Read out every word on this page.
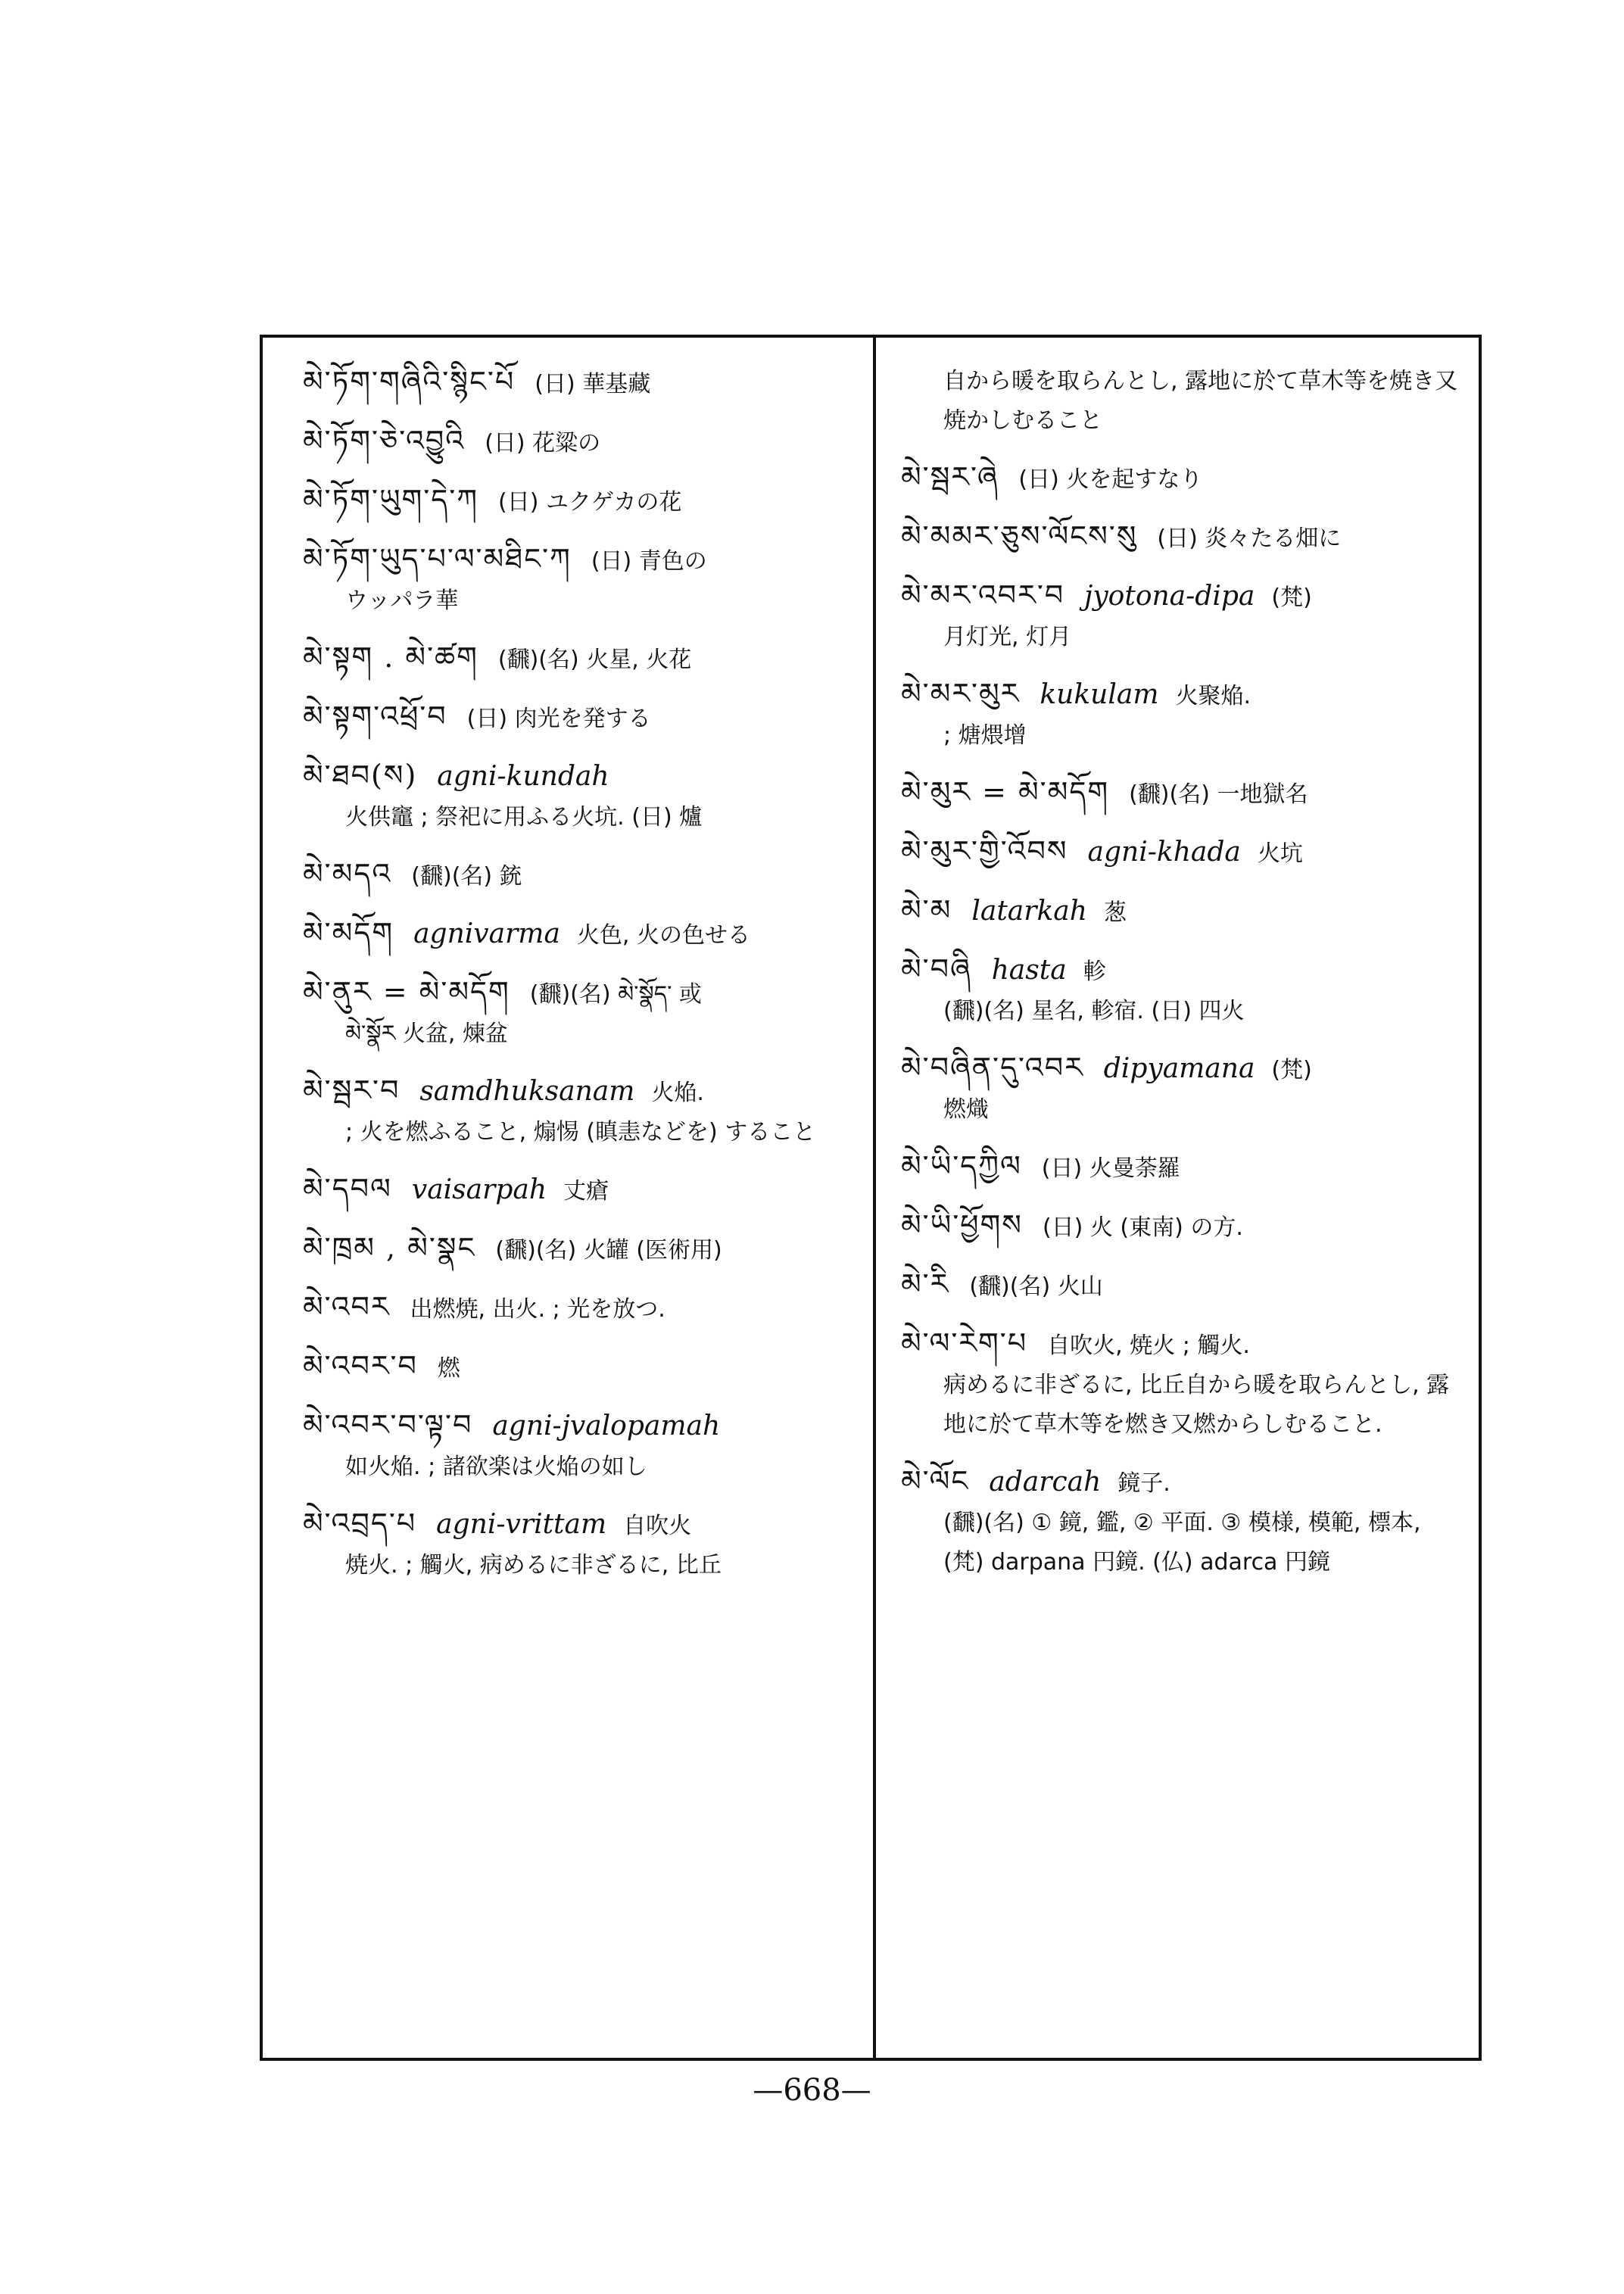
མེ་ཏོག་གཞིའི་སྙིང་པོ (日) 華基藏
མེ་ཏོག་ཅེ་འབྱུའི (日) 花粱の
མེ་ཏོག་ཡུག་དེ་ཀ (日) ユクゲカの花
མེ་ཏོག་ཡུད་པ་ལ་མཐིང་ཀ (日) 青色の
ウッパラ華
མེ་སྟག . མེ་ཚག (飜)(名) 火星, 火花
མེ་སྟག་འཕྲོ་བ (日) 肉光を発する
མེ་ཐབ(ས) agni-kundah
火供竈 ; 祭祀に用ふる火坑. (日) 爐
མེ་མདའ (飜)(名) 銃
མེ་མདོག agnivarma 火色, 火の色せる
མེ་ནུར = མེ་མདོག (飜)(名) མེ་སྣོད་ 或
མེ་སྣོར 火盆, 煉盆
མེ་སྦར་བ samdhuksanam 火焔.
; 火を燃ふること, 煽惕 (瞋恚などを) すること
མེ་དབལ vaisarpah 丈瘡
མེ་ཁྲམ , མེ་སྣང (飜)(名) 火罐 (医術用)
མེ་འབར 出燃焼, 出火. ; 光を放つ.
མེ་འབར་བ 燃
མེ་འབར་བ་ལྟ་བ agni-jvalopamah
如火焔. ; 諸欲楽は火焔の如し
མེ་འབྲད་པ agni-vrittam 自吹火
焼火. ; 觸火, 病めるに非ざるに, 比丘
自から暖を取らんとし, 露地に於て草木等を焼き又焼かしむること
མེ་སྦར་ཞེ (日) 火を起すなり
མེ་མམར་ཅུས་ལོངས་སུ (日) 炎々たる畑に
མེ་མར་འབར་བ jyotona-dipa (梵)
月灯光, 灯月
མེ་མར་མུར kukulam 火聚焔.
; 煻煨增
མེ་མུར = མེ་མདོག (飜)(名) 一地獄名
མེ་མུར་གྱི་འོབས agni-khada 火坑
མེ་མ latarkah 葱
མེ་བཞི hasta 軫
(飜)(名) 星名, 軫宿. (日) 四火
མེ་བཞིན་དུ་འབར dipyamana (梵)
燃熾
མེ་ཡི་དཀྱིལ (日) 火曼荼羅
མེ་ཡི་ཕྱོགས (日) 火 (東南) の方.
མེ་རི (飜)(名) 火山
མེ་ལ་རེག་པ 自吹火, 焼火 ; 觸火.
病めるに非ざるに, 比丘自から暖を取らんとし, 露地に於て草木等を燃き又燃からしむること.
མེ་ལོང adarcah 鏡子.
(飜)(名) ① 鏡, 鑑, ② 平面. ③ 模様, 模範, 標本, (梵) darpana 円鏡. (仏) adarca 円鏡
—668—
